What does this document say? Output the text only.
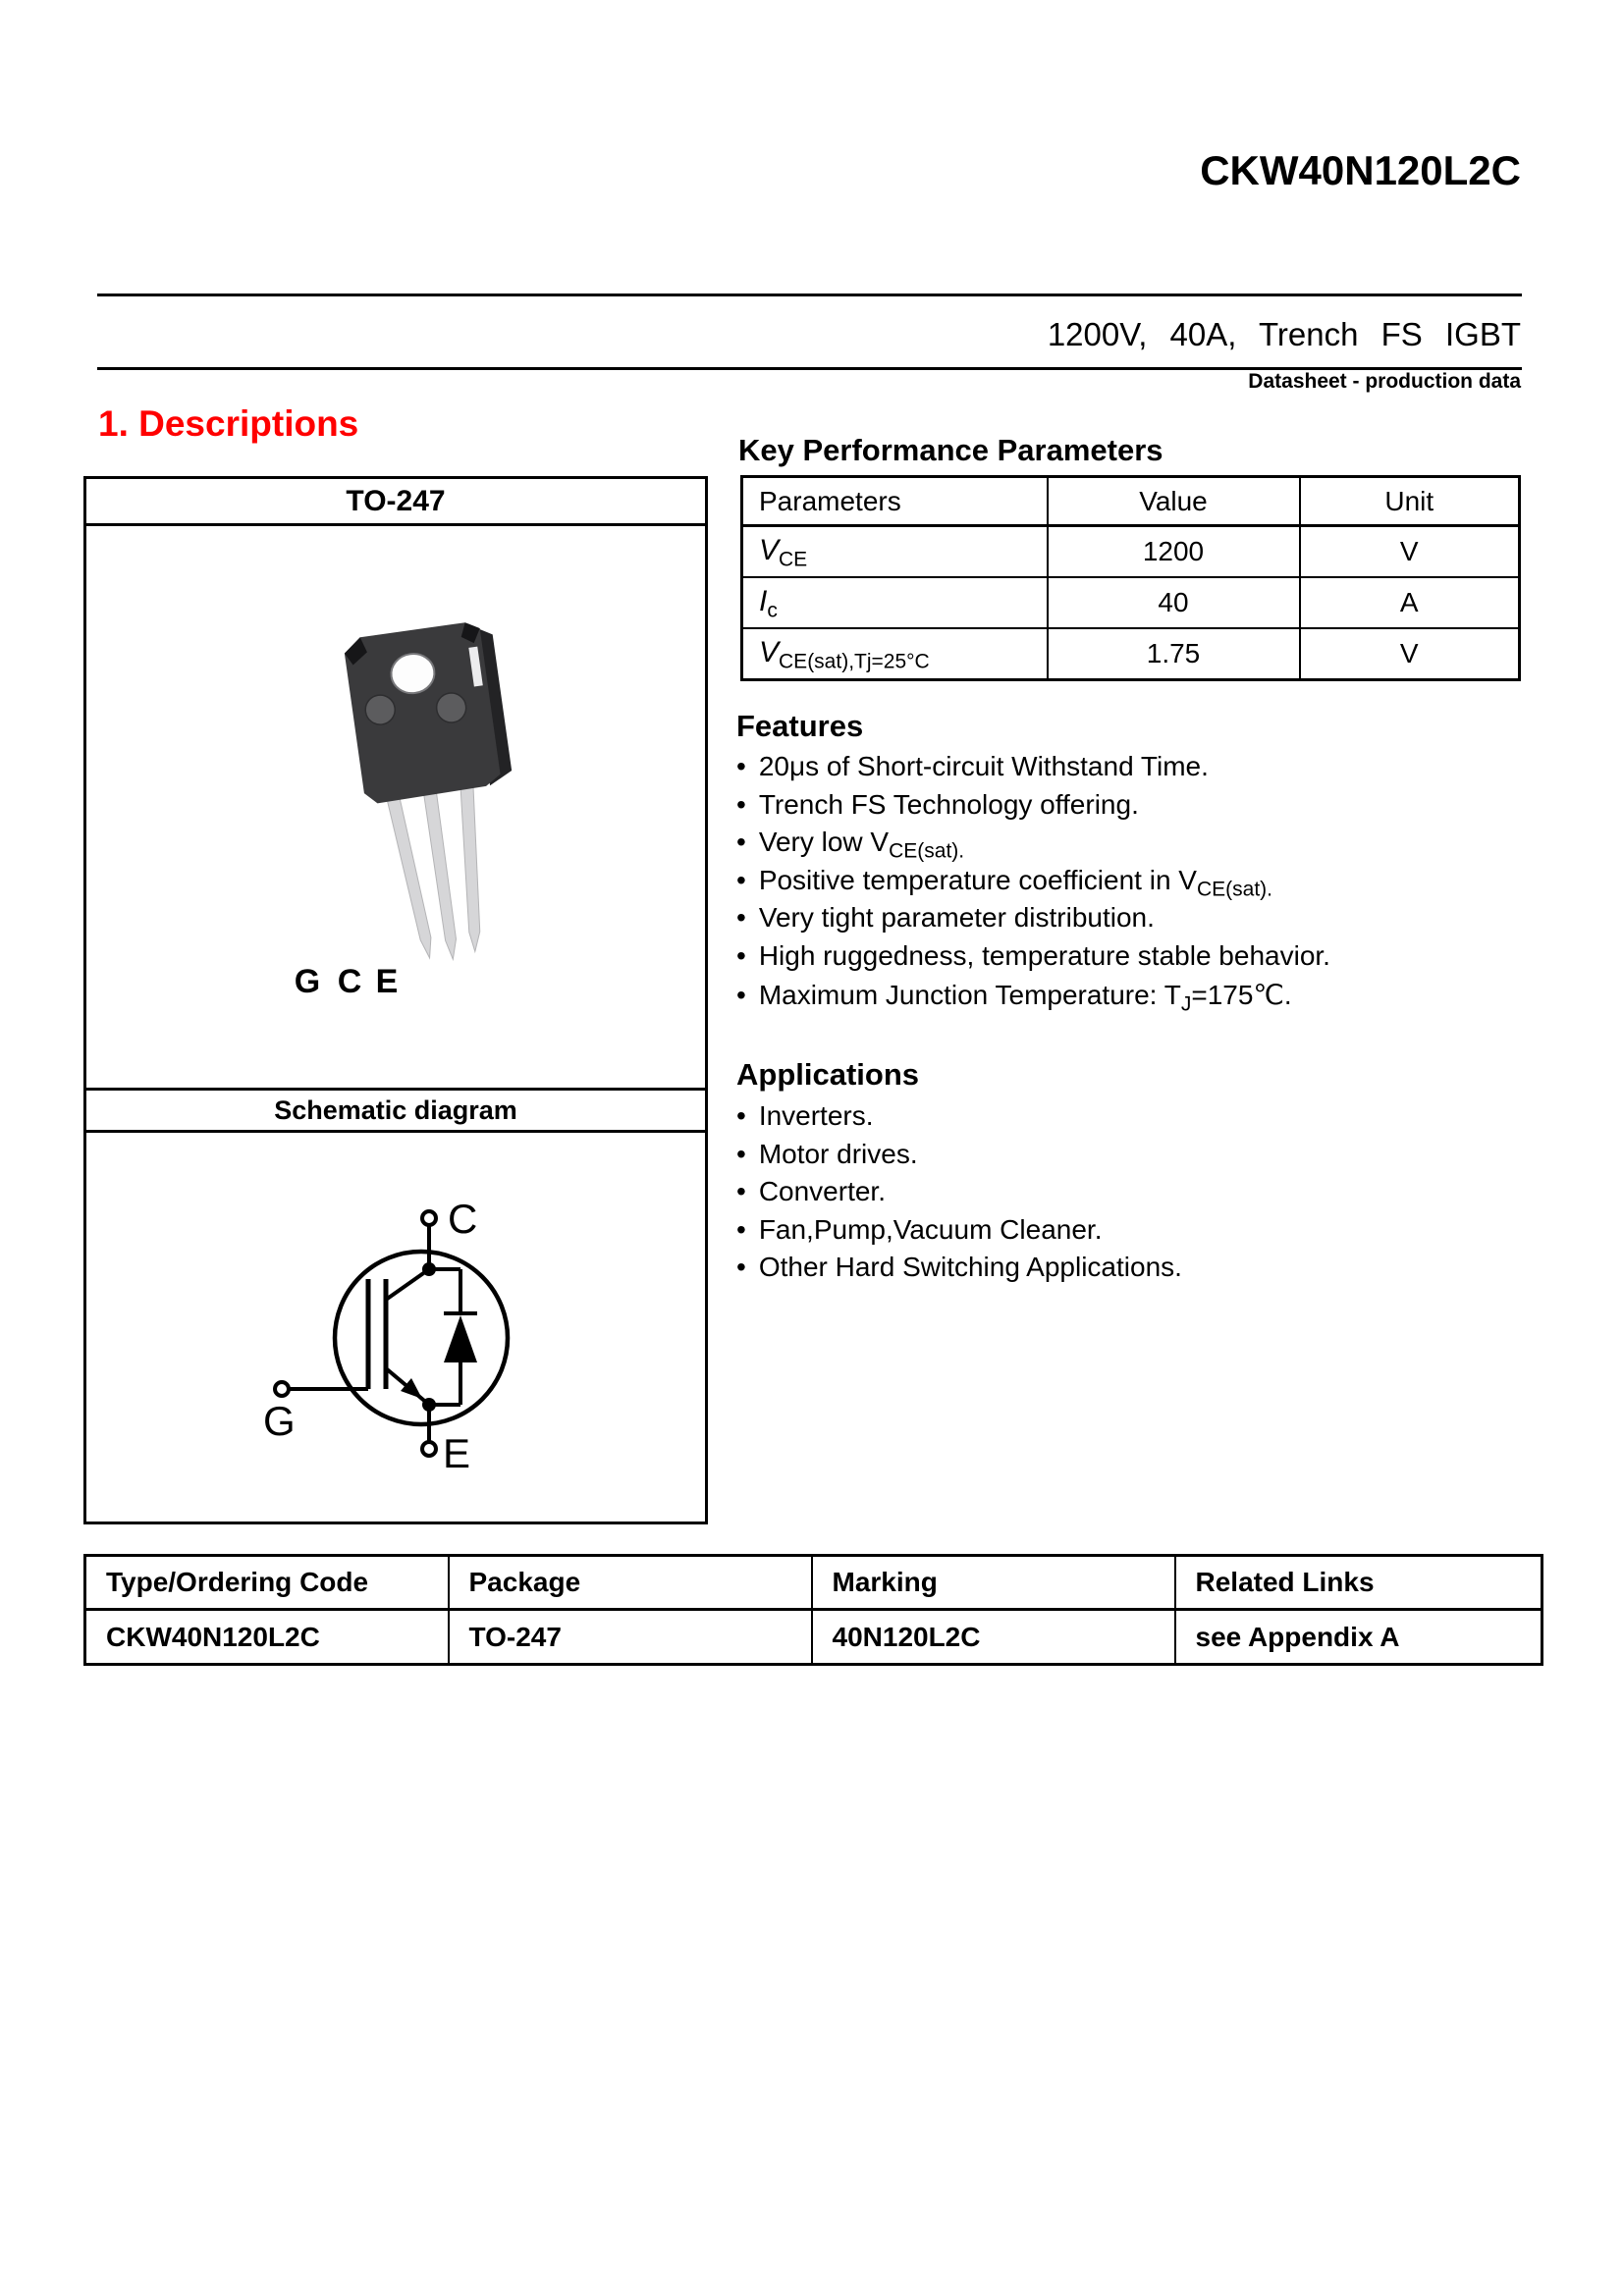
CKW40N120L2C
1200V, 40A, Trench FS IGBT
Datasheet - production data
1. Descriptions
TO-247
G C E
Schematic diagram
C
G
E
Key Performance Parameters
Parameters	Value	Unit
$V_{CE}$	1200	V
$I_c$	40	A
$V_{CE(sat),Tj=25^\circ C}$	1.75	V
Features
• 20μs of Short-circuit Withstand Time.
• Trench FS Technology offering.
• Very low $V_{CE(sat).}$
• Positive temperature coefficient in $V_{CE(sat).}$
• Very tight parameter distribution.
• High ruggedness, temperature stable behavior.
• Maximum Junction Temperature: $T_J=175℃$.
Applications
• Inverters.
• Motor drives.
• Converter.
• Fan,Pump,Vacuum Cleaner.
• Other Hard Switching Applications.
Type/Ordering Code	Package	Marking	Related Links
CKW40N120L2C	TO-247	40N120L2C	see Appendix A
